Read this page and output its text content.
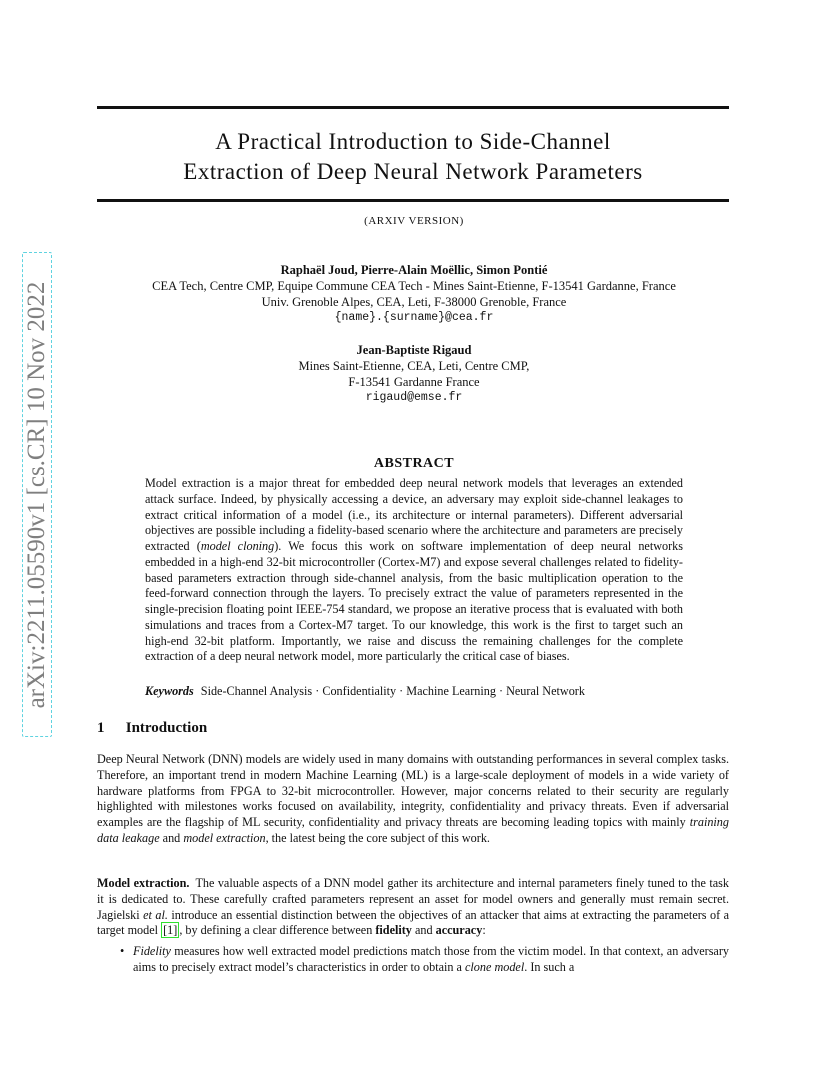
A Practical Introduction to Side-Channel
Extraction of Deep Neural Network Parameters
(ARXIV VERSION)
arXiv:2211.05590v1 [cs.CR] 10 Nov 2022
Raphaël Joud, Pierre-Alain Moëllic, Simon Pontié
CEA Tech, Centre CMP, Equipe Commune CEA Tech - Mines Saint-Etienne, F-13541 Gardanne, France
Univ. Grenoble Alpes, CEA, Leti, F-38000 Grenoble, France
{name}.{surname}@cea.fr
Jean-Baptiste Rigaud
Mines Saint-Etienne, CEA, Leti, Centre CMP,
F-13541 Gardanne France
rigaud@emse.fr
ABSTRACT

Model extraction is a major threat for embedded deep neural network models that leverages an extended attack surface. Indeed, by physically accessing a device, an adversary may exploit side-channel leakages to extract critical information of a model (i.e., its architecture or internal parameters). Different adversarial objectives are possible including a fidelity-based scenario where the architecture and parameters are precisely extracted (model cloning). We focus this work on software implementation of deep neural networks embedded in a high-end 32-bit microcontroller (Cortex-M7) and expose several challenges related to fidelity-based parameters extraction through side-channel analysis, from the basic multiplication operation to the feed-forward connection through the layers. To precisely extract the value of parameters represented in the single-precision floating point IEEE-754 standard, we propose an iterative process that is evaluated with both simulations and traces from a Cortex-M7 target. To our knowledge, this work is the first to target such an high-end 32-bit platform. Importantly, we raise and discuss the remaining challenges for the complete extraction of a deep neural network model, more particularly the critical case of biases.

Keywords Side-Channel Analysis · Confidentiality · Machine Learning · Neural Network
1 Introduction

Deep Neural Network (DNN) models are widely used in many domains with outstanding performances in several complex tasks. Therefore, an important trend in modern Machine Learning (ML) is a large-scale deployment of models in a wide variety of hardware platforms from FPGA to 32-bit microcontroller. However, major concerns related to their security are regularly highlighted with milestones works focused on availability, integrity, confidentiality and privacy threats. Even if adversarial examples are the flagship of ML security, confidentiality and privacy threats are becoming leading topics with mainly training data leakage and model extraction, the latest being the core subject of this work.

Model extraction. The valuable aspects of a DNN model gather its architecture and internal parameters finely tuned to the task it is dedicated to. These carefully crafted parameters represent an asset for model owners and generally must remain secret. Jagielski et al. introduce an essential distinction between the objectives of an attacker that aims at extracting the parameters of a target model [1] , by defining a clear difference between fidelity and accuracy:

• Fidelity measures how well extracted model predictions match those from the victim model. In that context, an adversary aims to precisely extract model’s characteristics in order to obtain a clone model. In such a
